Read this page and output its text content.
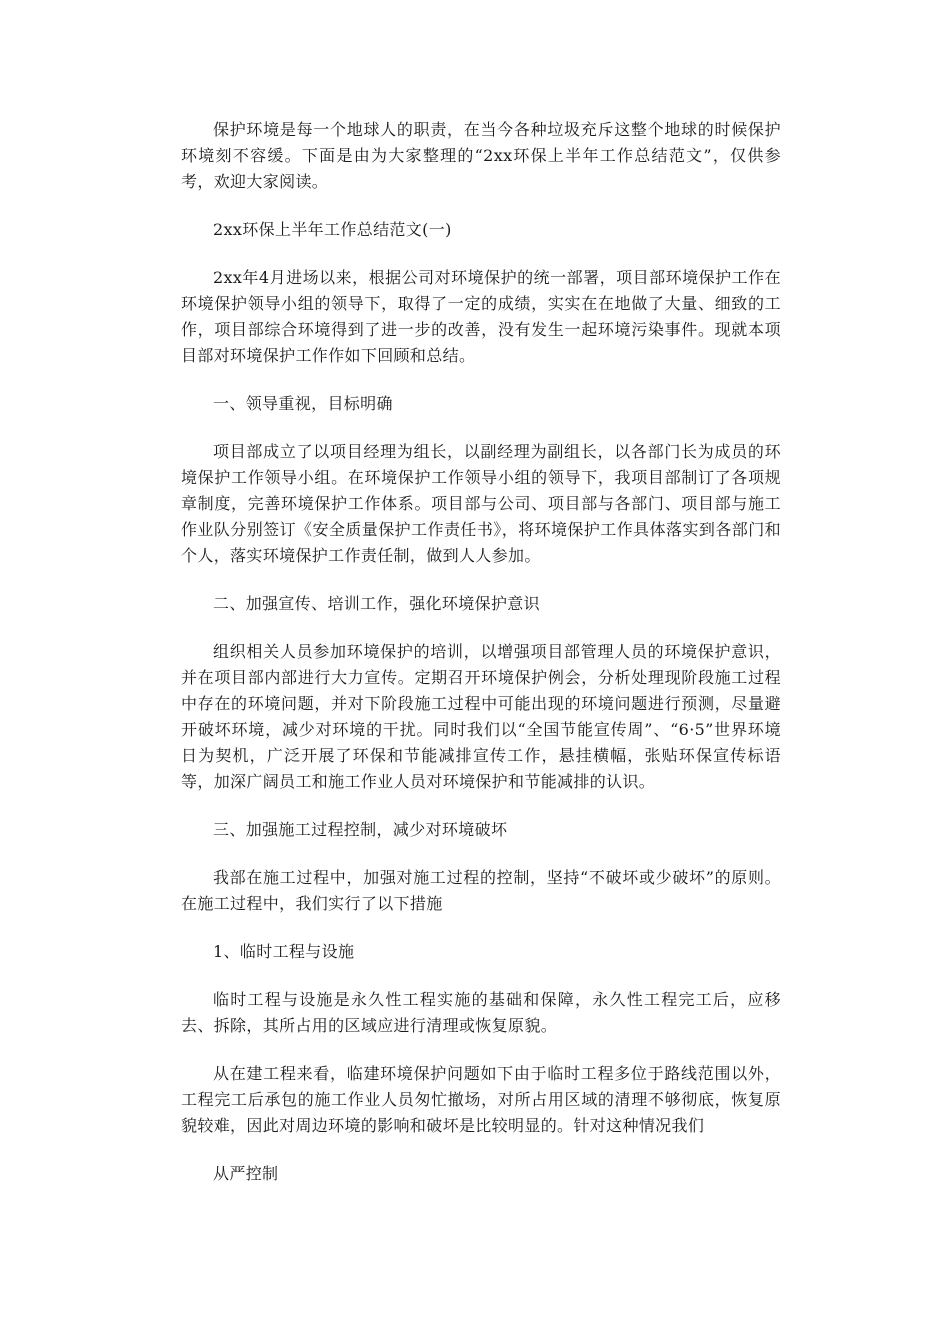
保护环境是每一个地球人的职责，在当今各种垃圾充斥这整个地球的时候保护环境刻不容缓。下面是由为大家整理的“2xx环保上半年工作总结范文”，仅供参考，欢迎大家阅读。

2xx环保上半年工作总结范文(一)

2xx年4月进场以来，根据公司对环境保护的统一部署，项目部环境保护工作在环境保护领导小组的领导下，取得了一定的成绩，实实在在地做了大量、细致的工作，项目部综合环境得到了进一步的改善，没有发生一起环境污染事件。现就本项目部对环境保护工作作如下回顾和总结。

一、领导重视，目标明确

项目部成立了以项目经理为组长，以副经理为副组长，以各部门长为成员的环境保护工作领导小组。在环境保护工作领导小组的领导下，我项目部制订了各项规章制度，完善环境保护工作体系。项目部与公司、项目部与各部门、项目部与施工作业队分别签订《安全质量保护工作责任书》，将环境保护工作具体落实到各部门和个人，落实环境保护工作责任制，做到人人参加。

二、加强宣传、培训工作，强化环境保护意识

组织相关人员参加环境保护的培训，以增强项目部管理人员的环境保护意识，并在项目部内部进行大力宣传。定期召开环境保护例会，分析处理现阶段施工过程中存在的环境问题，并对下阶段施工过程中可能出现的环境问题进行预测，尽量避开破坏环境，减少对环境的干扰。同时我们以“全国节能宣传周”、“6·5”世界环境日为契机，广泛开展了环保和节能减排宣传工作，悬挂横幅，张贴环保宣传标语等，加深广阔员工和施工作业人员对环境保护和节能减排的认识。

三、加强施工过程控制，减少对环境破坏

我部在施工过程中，加强对施工过程的控制，坚持“不破坏或少破坏”的原则。在施工过程中，我们实行了以下措施

1、临时工程与设施

临时工程与设施是永久性工程实施的基础和保障，永久性工程完工后，应移去、拆除，其所占用的区域应进行清理或恢复原貌。

从在建工程来看，临建环境保护问题如下由于临时工程多位于路线范围以外，工程完工后承包的施工作业人员匆忙撤场，对所占用区域的清理不够彻底，恢复原貌较难，因此对周边环境的影响和破坏是比较明显的。针对这种情况我们

从严控制
